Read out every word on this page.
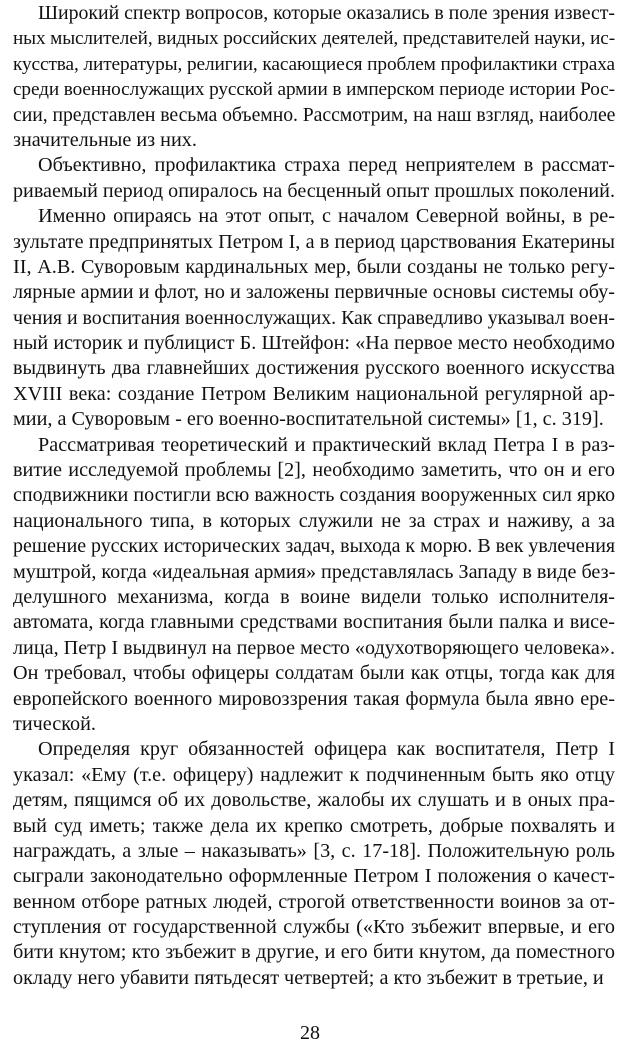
Широкий спектр вопросов, которые оказались в поле зрения извест-
ных мыслителей, видных российских деятелей, представителей науки, ис-
кусства, литературы, религии, касающиеся проблем профилактики страха
среди военнослужащих русской армии в имперском периоде истории Рос-
сии, представлен весьма объемно. Рассмотрим, на наш взгляд, наиболее
значительные из них.

Объективно, профилактика страха перед неприятелем в рассмат-
риваемый период опиралось на бесценный опыт прошлых поколений.

Именно опираясь на этот опыт, с началом Северной войны, в ре-
зультате предпринятых Петром I, а в период царствования Екатерины
II, А.В. Суворовым кардинальных мер, были созданы не только регу-
лярные армии и флот, но и заложены первичные основы системы обу-
чения и воспитания военнослужащих. Как справедливо указывал воен-
ный историк и публицист Б. Штейфон: «На первое место необходимо
выдвинуть два главнейших достижения русского военного искусства
XVIII века: создание Петром Великим национальной регулярной ар-
мии, а Суворовым - его военно-воспитательной системы» [1, с. 319].

Рассматривая теоретический и практический вклад Петра I в раз-
витие исследуемой проблемы [2], необходимо заметить, что он и его
сподвижники постигли всю важность создания вооруженных сил ярко
национального типа, в которых служили не за страх и наживу, а за
решение русских исторических задач, выхода к морю. В век увлечения
муштрой, когда «идеальная армия» представлялась Западу в виде без-
делушного механизма, когда в воине видели только исполнителя-
автомата, когда главными средствами воспитания были палка и висе-
лица, Петр I выдвинул на первое место «одухотворяющего человека».
Он требовал, чтобы офицеры солдатам были как отцы, тогда как для
европейского военного мировоззрения такая формула была явно ере-
тической.

Определяя круг обязанностей офицера как воспитателя, Петр I
указал: «Ему (т.е. офицеру) надлежит к подчиненным быть яко отцу
детям, пящимся об их довольстве, жалобы их слушать и в оных пра-
вый суд иметь; также дела их крепко смотреть, добрые похвалять и
награждать, а злые – наказывать» [3, с. 17-18]. Положительную роль
сыграли законодательно оформленные Петром I положения о качест-
венном отборе ратных людей, строгой ответственности воинов за от-
ступления от государственной службы («Кто зъбежит впервые, и его
бити кнутом; кто зъбежит в другие, и его бити кнутом, да поместного
окладу него убавити пятьдесят четвертей; а кто зъбежит в третьие, и

28
